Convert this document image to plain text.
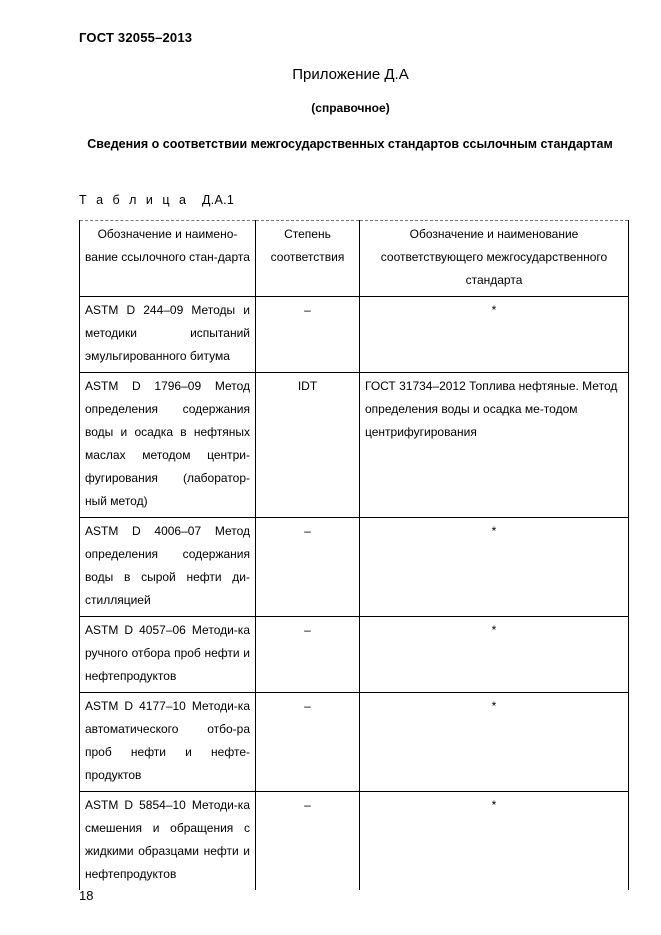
ГОСТ 32055–2013
Приложение Д.А
(справочное)
Сведения о соответствии межгосударственных стандартов ссылочным стандартам
Т а б л и ц а Д.А.1
Обозначение и наимено-вание ссылочного стан-дарта	Степень соответствия	Обозначение и наименование соответствующего межгосударственного стандарта
ASTM D 244–09 Методы и методики испытаний эмульгированного битума	–	*
ASTM D 1796–09 Метод определения содержания воды и осадка в нефтяных маслах методом центри-фугирования (лаборатор-ный метод)	IDT	ГОСТ 31734–2012 Топлива нефтяные. Метод определения воды и осадка ме-тодом центрифугирования
ASTM D 4006–07 Метод определения содержания воды в сырой нефти ди-стилляцией	–	*
ASTM D 4057–06 Методи-ка ручного отбора проб нефти и нефтепродуктов	–	*
ASTM D 4177–10 Методи-ка автоматического отбо-ра проб нефти и нефте-продуктов	–	*
ASTM D 5854–10 Методи-ка смешения и обращения с жидкими образцами нефти и нефтепродуктов	–	*
18
